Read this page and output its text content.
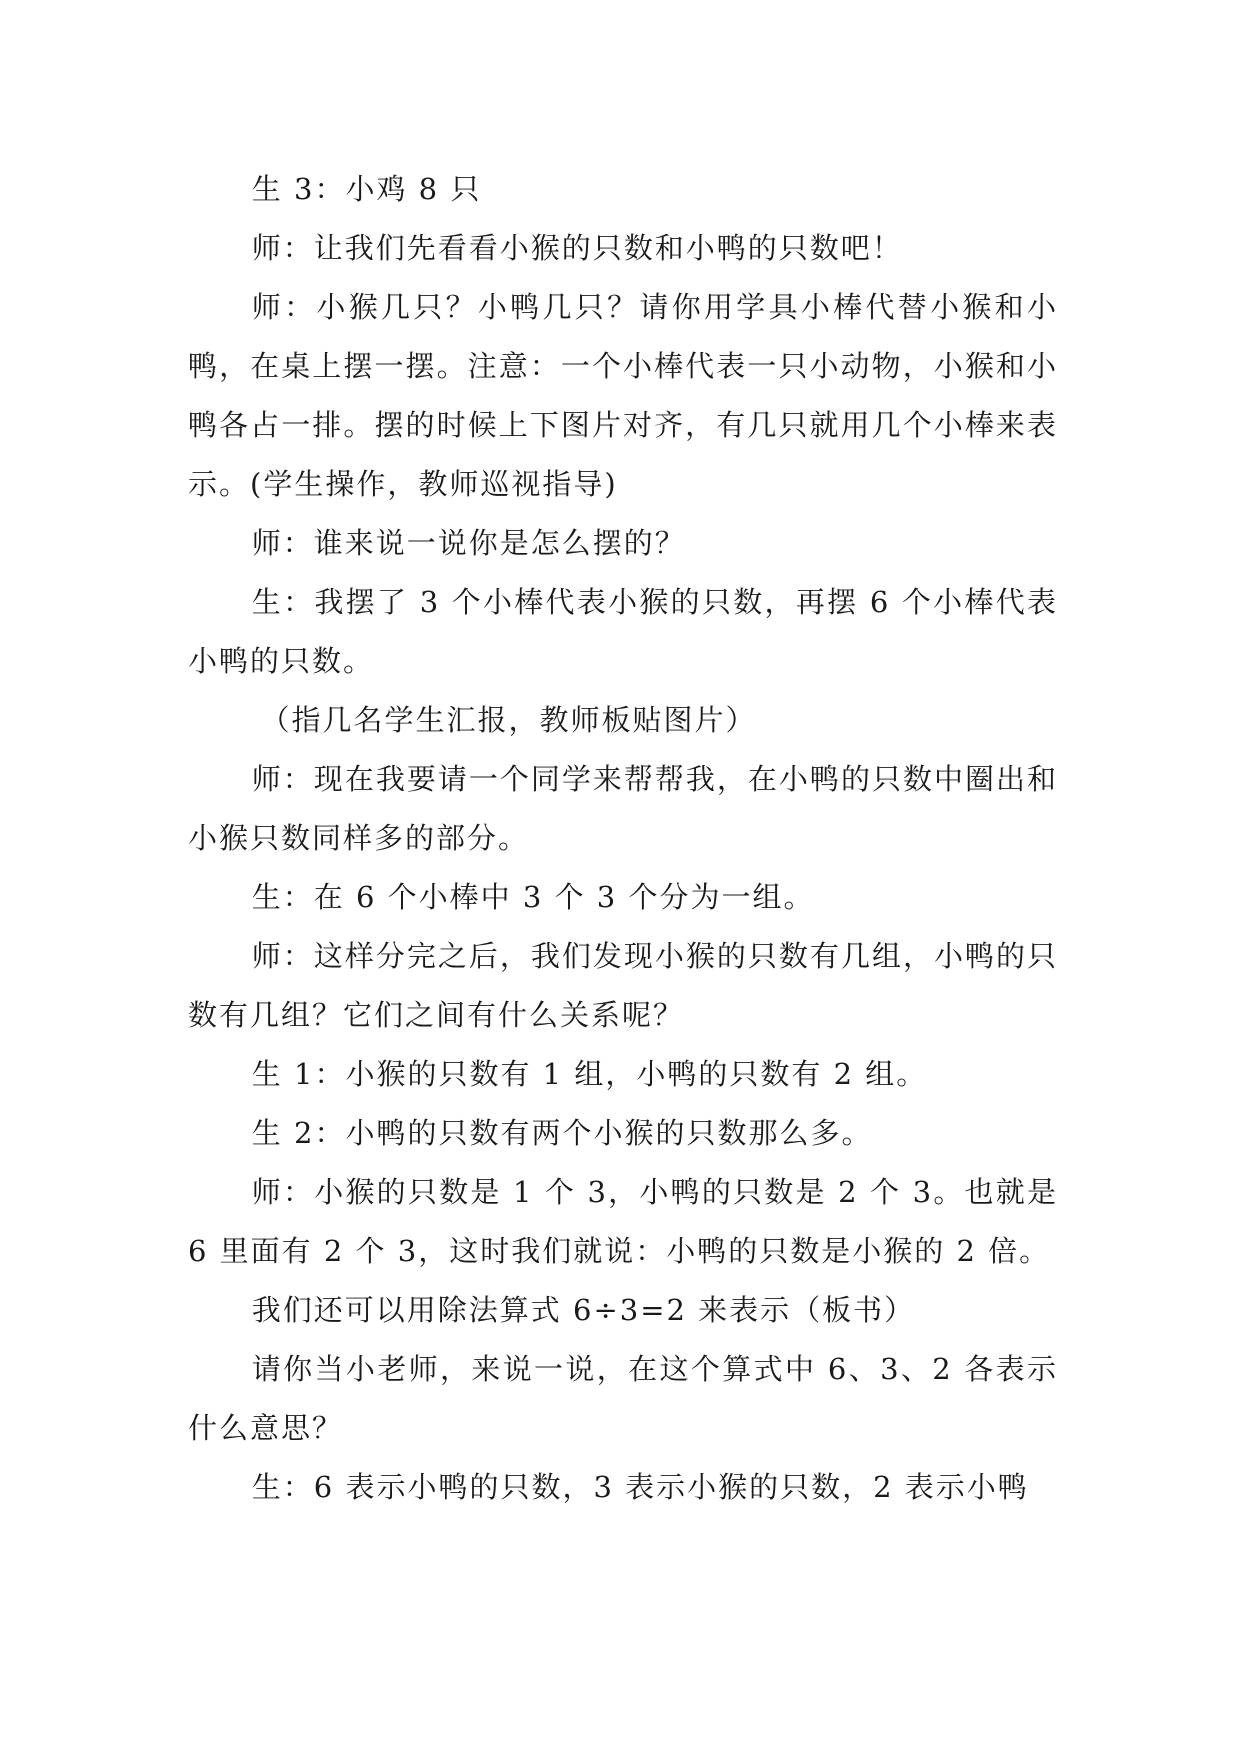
生 3：小鸡 8 只

师：让我们先看看小猴的只数和小鸭的只数吧！

师：小猴几只？小鸭几只？请你用学具小棒代替小猴和小鸭，在桌上摆一摆。注意：一个小棒代表一只小动物，小猴和小鸭各占一排。摆的时候上下图片对齐，有几只就用几个小棒来表示。(学生操作，教师巡视指导)

师：谁来说一说你是怎么摆的？

生：我摆了 3 个小棒代表小猴的只数，再摆 6 个小棒代表小鸭的只数。

（指几名学生汇报，教师板贴图片）

师：现在我要请一个同学来帮帮我，在小鸭的只数中圈出和小猴只数同样多的部分。

生：在 6 个小棒中 3 个 3 个分为一组。

师：这样分完之后，我们发现小猴的只数有几组，小鸭的只数有几组？它们之间有什么关系呢？

生 1：小猴的只数有 1 组，小鸭的只数有 2 组。

生 2：小鸭的只数有两个小猴的只数那么多。

师：小猴的只数是 1 个 3，小鸭的只数是 2 个 3。也就是 6 里面有 2 个 3，这时我们就说：小鸭的只数是小猴的 2 倍。

我们还可以用除法算式 6÷3=2 来表示（板书）

请你当小老师，来说一说，在这个算式中 6、3、2 各表示什么意思？

生：6 表示小鸭的只数，3 表示小猴的只数，2 表示小鸭
